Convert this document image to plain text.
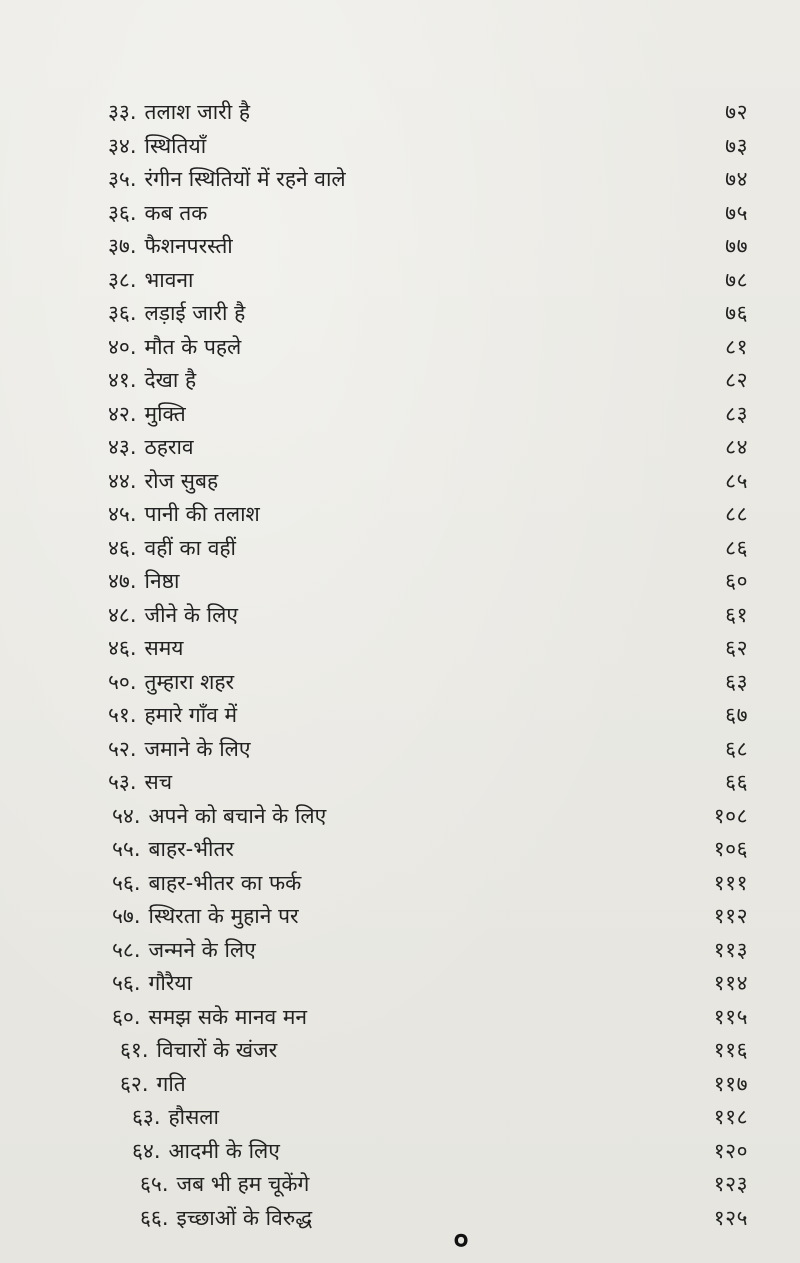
३३. तलाश जारी है	७२
३४. स्थितियाँ	७३
३५. रंगीन स्थितियों में रहने वाले	७४
३६. कब तक	७५
३७. फैशनपरस्ती	७७
३८. भावना	७८
३६. लड़ाई जारी है	७६
४०. मौत के पहले	८१
४१. देखा है	८२
४२. मुक्ति	८३
४३. ठहराव	८४
४४. रोज सुबह	८५
४५. पानी की तलाश	८८
४६. वहीं का वहीं	८६
४७. निष्ठा	६०
४८. जीने के लिए	६१
४६. समय	६२
५०. तुम्हारा शहर	६३
५१. हमारे गाँव में	६७
५२. जमाने के लिए	६८
५३. सच	६६
५४. अपने को बचाने के लिए	१०८
५५. बाहर-भीतर	१०६
५६. बाहर-भीतर का फर्क	१११
५७. स्थिरता के मुहाने पर	११२
५८. जन्मने के लिए	११३
५६. गौरैया	११४
६०. समझ सके मानव मन	११५
६१. विचारों के खंजर	११६
६२. गति	११७
६३. हौसला	११८
६४. आदमी के लिए	१२०
६५. जब भी हम चूकेंगे	१२३
६६. इच्छाओं के विरुद्ध	१२५
०
